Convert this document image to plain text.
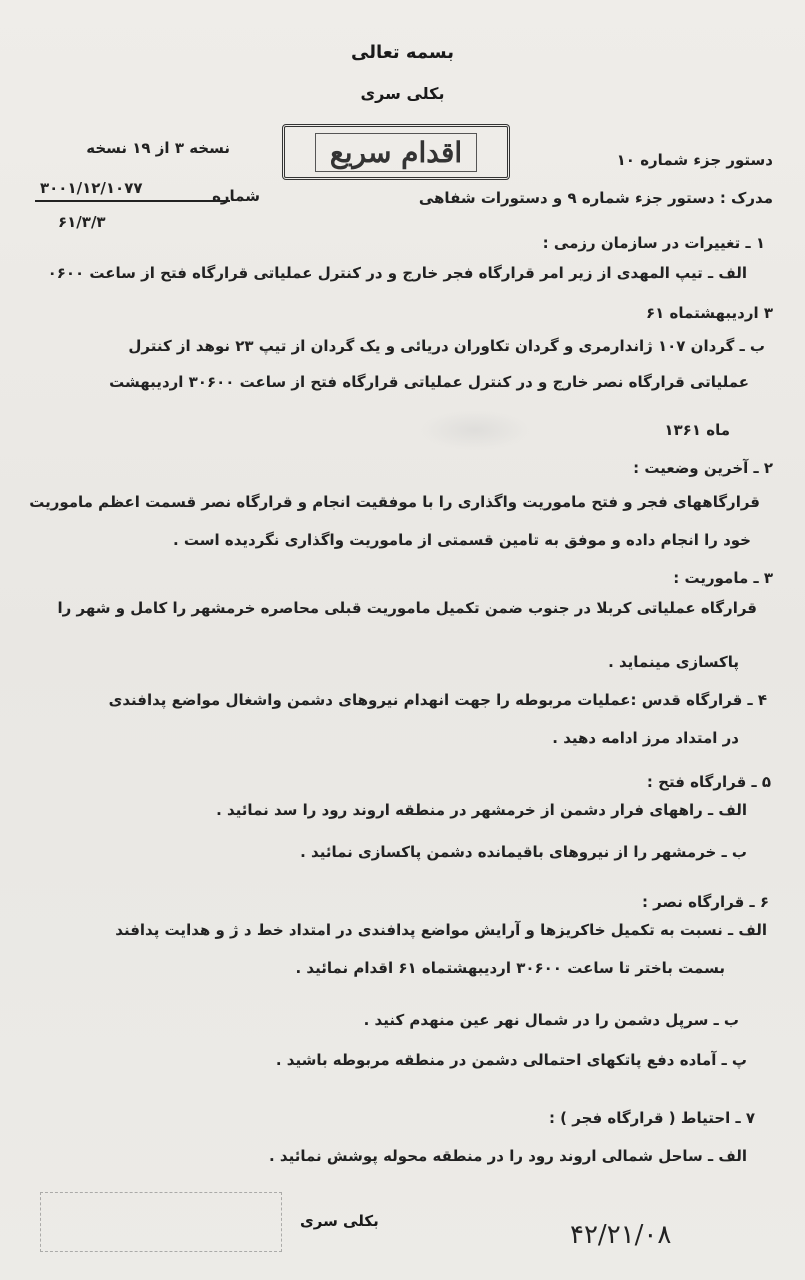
بسمه تعالی
بکلی سری
اقدام سریع
نسخه ۳ از ۱۹ نسخه
دستور جزء شماره ۱۰
۳۰۰۱/۱۲/۱۰۷۷
مدرک : دستور جزء شماره ۹ و دستورات شفاهی
شماره
۶۱/۳/۳
۱ ـ تغییرات در سازمان رزمی :
الف ـ تیپ المهدی از زیر امر قرارگاه فجر خارج و در کنترل عملیاتی قرارگاه فتح از ساعت ۰۶۰۰
۳ اردیبهشتماه ۶۱
ب ـ گردان ۱۰۷ ژاندارمری و گردان تکاوران دریائی و یک گردان از تیپ ۲۳ نوهد از کنترل
عملیاتی قرارگاه نصر خارج و در کنترل عملیاتی قرارگاه فتح از ساعت ۳۰۶۰۰ اردیبهشت
ماه ۱۳۶۱
۲ ـ آخرین وضعیت :
قرارگاههای فجر و فتح ماموریت واگذاری را با موفقیت انجام و قرارگاه نصر قسمت اعظم ماموریت
خود را انجام داده و موفق به تامین قسمتی از ماموریت واگذاری نگردیده است .
۳ ـ ماموریت :
قرارگاه عملیاتی کربلا در جنوب ضمن تکمیل ماموریت قبلی محاصره خرمشهر را کامل و شهر را
پاکسازی مینماید .
۴ ـ قرارگاه قدس :عملیات مربوطه را جهت انهدام نیروهای دشمن واشغال مواضع پدافندی
در امتداد مرز ادامه دهید .
۵ ـ قرارگاه فتح :
الف ـ راههای فرار دشمن از خرمشهر در منطقه اروند رود را سد نمائید .
ب ـ خرمشهر را از نیروهای باقیمانده دشمن پاکسازی نمائید .
۶ ـ قرارگاه نصر :
الف ـ نسبت به تکمیل خاکریزها و آرایش مواضع پدافندی در امتداد خط د ژ و هدایت پدافند
بسمت باختر تا ساعت ۳۰۶۰۰ اردیبهشتماه ۶۱ اقدام نمائید .
ب ـ سرپل دشمن را در شمال نهر عین منهدم کنید .
پ ـ آماده دفع پاتکهای احتمالی دشمن در منطقه مربوطه باشید .
۷ ـ احتیاط ( قرارگاه فجر ) :
الف ـ ساحل شمالی اروند رود را در منطقه محوله پوشش نمائید .
بکلی سری	۴۲/۲۱/۰۸
